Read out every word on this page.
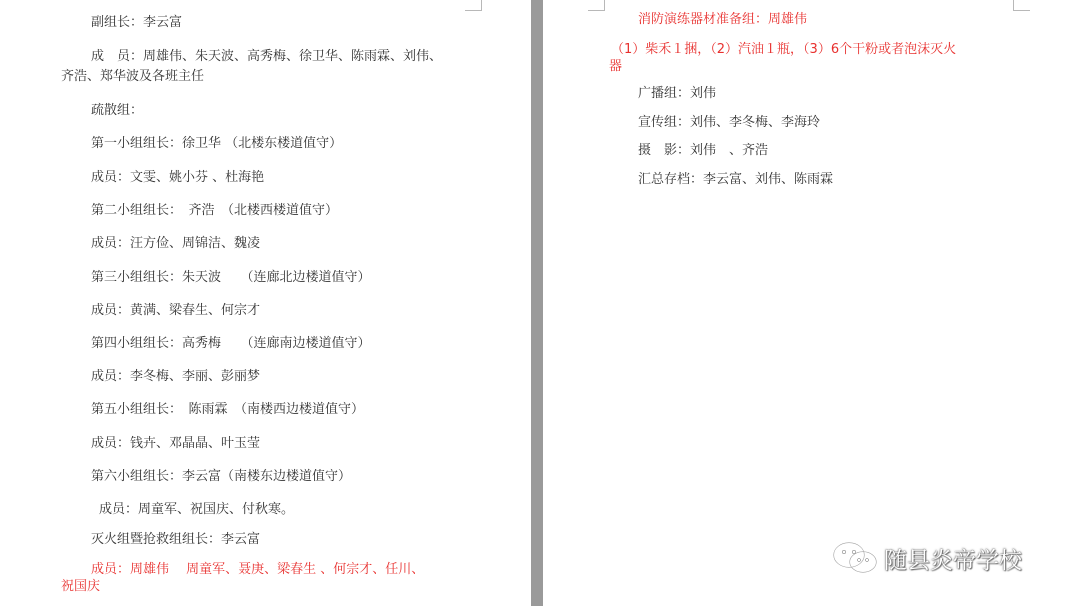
副组长：李云富
成　员：周雄伟、朱天波、高秀梅、徐卫华、陈雨霖、刘伟、
齐浩、郑华波及各班主任
疏散组：
第一小组组长：徐卫华 （北楼东楼道值守）
成员：文雯、姚小芬 、杜海艳
第二小组组长：　齐浩　（北楼西楼道值守）
成员：汪方俭、周锦洁、魏凌
第三小组组长：朱天波　　（连廊北边楼道值守）
成员：黄满、梁春生、何宗才
第四小组组长：高秀梅　　（连廊南边楼道值守）
成员：李冬梅、李丽、彭丽梦
第五小组组长：　陈雨霖　（南楼西边楼道值守）
成员：钱卉、邓晶晶、叶玉莹
第六小组组长：李云富（南楼东边楼道值守）
成员：周童军、祝国庆、付秋寒。
灭火组暨抢救组组长：李云富
成员：周雄伟　 周童军、聂庚、梁春生 、何宗才、任川、
祝国庆
消防演练器材准备组：周雄伟
（1）柴禾１捆，（2）汽油１瓶，（3）6个干粉或者泡沫灭火
器
广播组：刘伟
宣传组：刘伟、李冬梅、李海玲
摄　影：刘伟　、齐浩
汇总存档：李云富、刘伟、陈雨霖
随县炎帝学校
